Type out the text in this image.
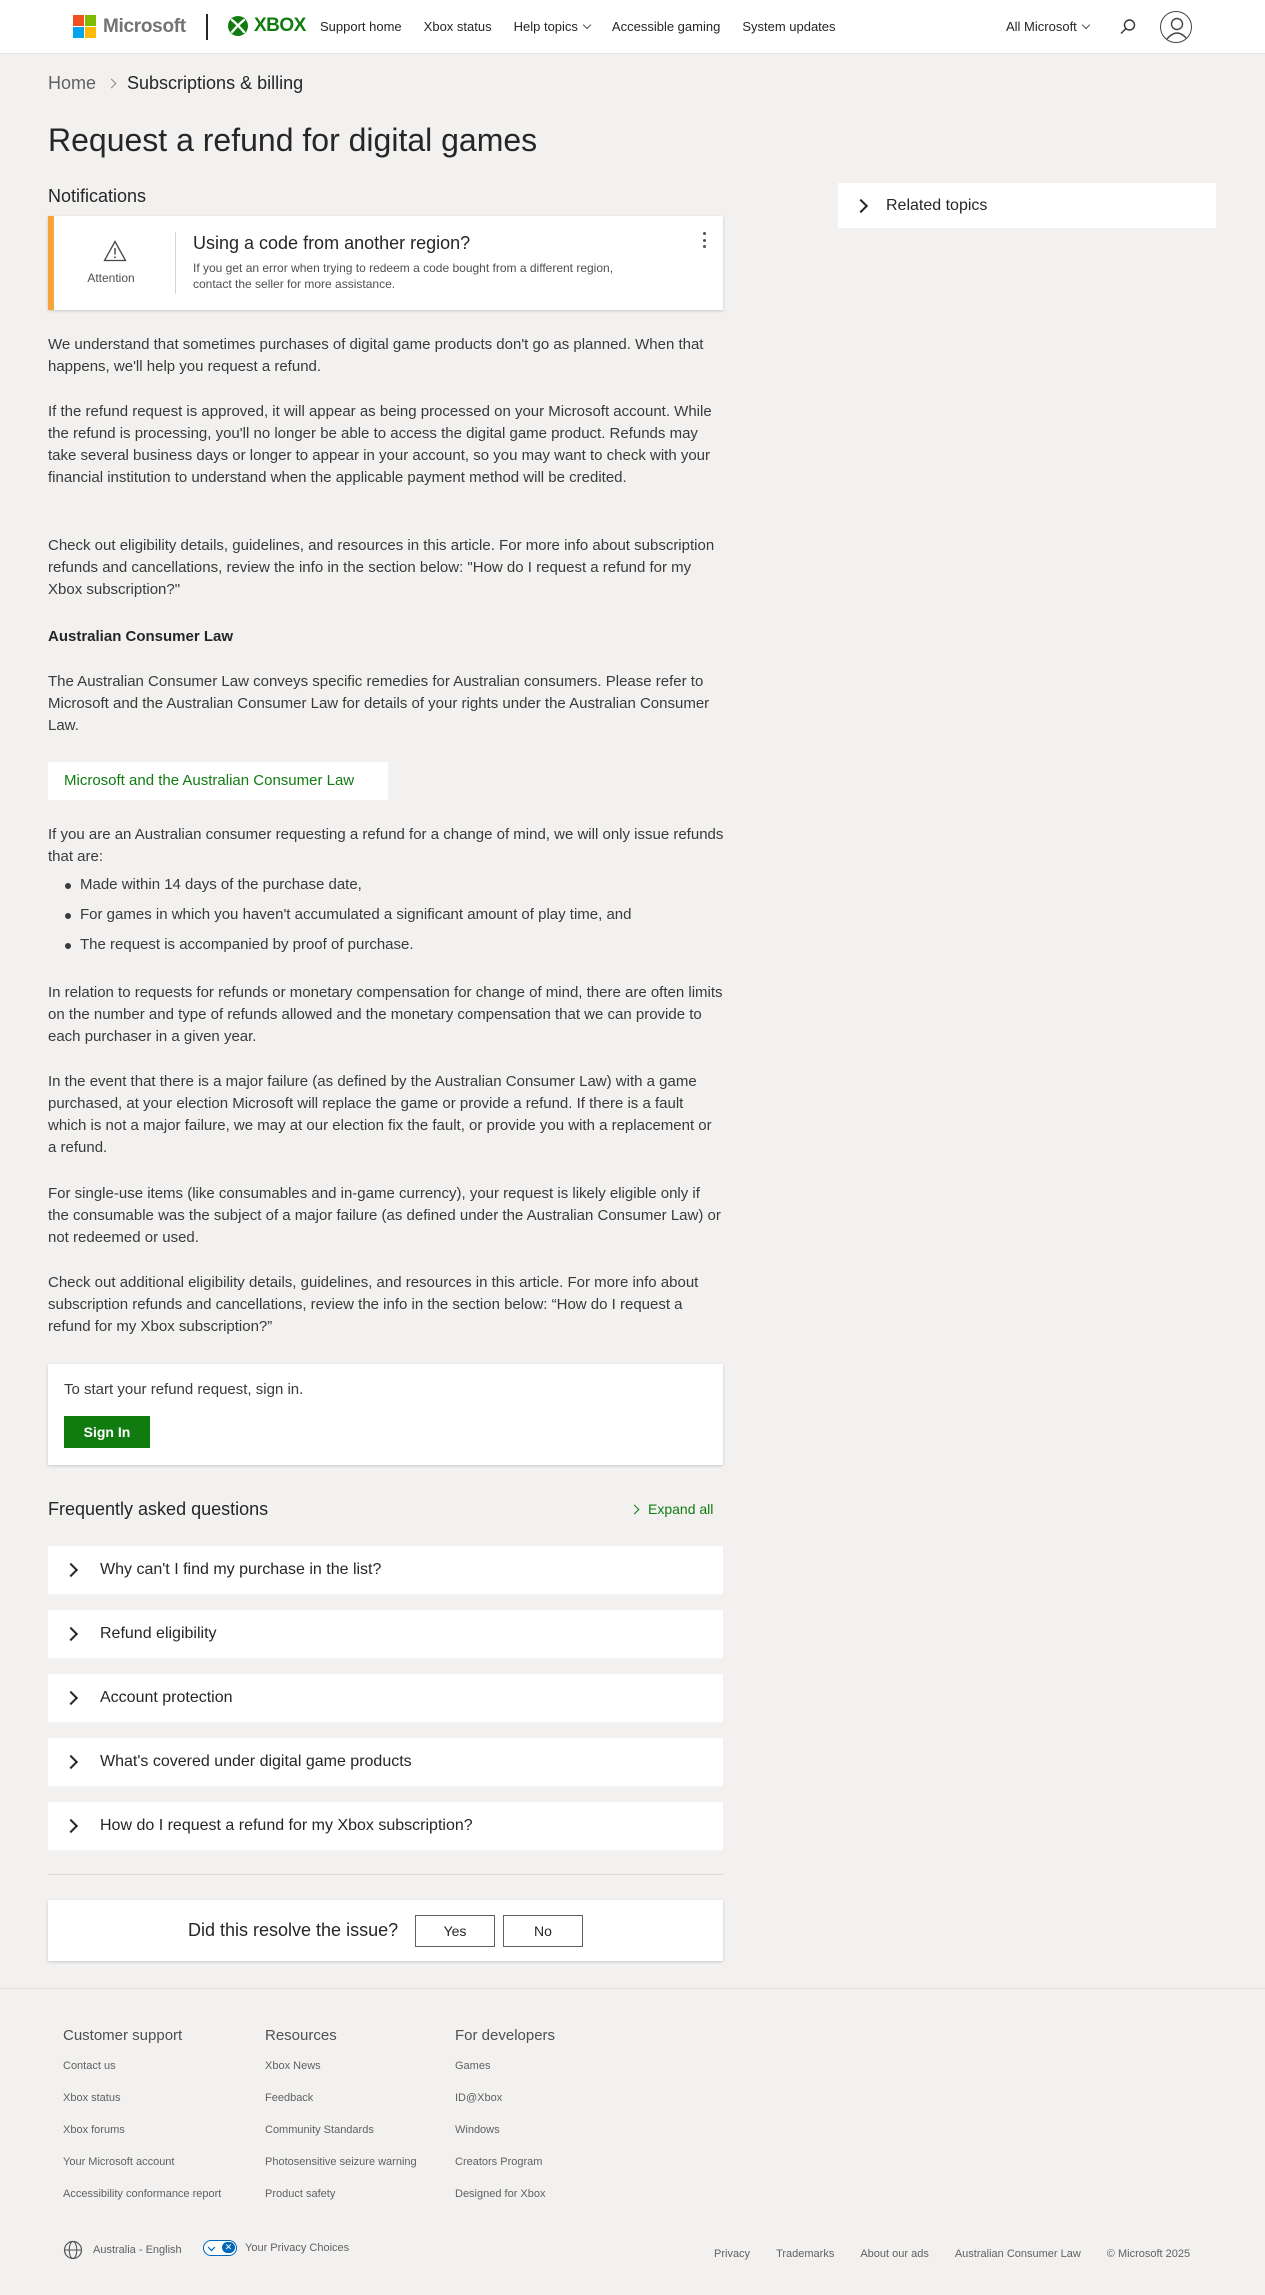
Microsoft	XBOX Support home Xbox status Help topics	Accessible gaming System updates	All Microsoft
Home Subscriptions & billing
Request a refund for digital games
Notifications
Attention
Using a code from another region?
If you get an error when trying to redeem a code bought from a different region, contact the seller for more assistance.

We understand that sometimes purchases of digital game products don't go as planned. When that happens, we'll help you request a refund.

If the refund request is approved, it will appear as being processed on your Microsoft account. While the refund is processing, you'll no longer be able to access the digital game product. Refunds may take several business days or longer to appear in your account, so you may want to check with your financial institution to understand when the applicable payment method will be credited.

Check out eligibility details, guidelines, and resources in this article. For more info about subscription refunds and cancellations, review the info in the section below: "How do I request a refund for my Xbox subscription?"

Australian Consumer Law

The Australian Consumer Law conveys specific remedies for Australian consumers. Please refer to Microsoft and the Australian Consumer Law for details of your rights under the Australian Consumer Law.

Microsoft and the Australian Consumer Law

If you are an Australian consumer requesting a refund for a change of mind, we will only issue refunds that are:

Made within 14 days of the purchase date,
For games in which you haven't accumulated a significant amount of play time, and
The request is accompanied by proof of purchase.

In relation to requests for refunds or monetary compensation for change of mind, there are often limits on the number and type of refunds allowed and the monetary compensation that we can provide to each purchaser in a given year.

In the event that there is a major failure (as defined by the Australian Consumer Law) with a game purchased, at your election Microsoft will replace the game or provide a refund. If there is a fault which is not a major failure, we may at our election fix the fault, or provide you with a replacement or a refund.

For single-use items (like consumables and in-game currency), your request is likely eligible only if the consumable was the subject of a major failure (as defined under the Australian Consumer Law) or not redeemed or used.

Check out additional eligibility details, guidelines, and resources in this article. For more info about subscription refunds and cancellations, review the info in the section below: “How do I request a refund for my Xbox subscription?”

To start your refund request, sign in.
Sign In
Frequently asked questions	Expand all
Why can't I find my purchase in the list?
Refund eligibility
Account protection
What's covered under digital game products
How do I request a refund for my Xbox subscription?
Did this resolve the issue?	Yes	No
Related topics
Customer support
Contact us
Xbox status
Xbox forums
Your Microsoft account
Accessibility conformance report
Resources
Xbox News
Feedback
Community Standards
Photosensitive seizure warning
Product safety
For developers
Games
ID@Xbox
Windows
Creators Program
Designed for Xbox
Australia - English	✕ Your Privacy Choices	Privacy Trademarks About our ads Australian Consumer Law © Microsoft 2025
